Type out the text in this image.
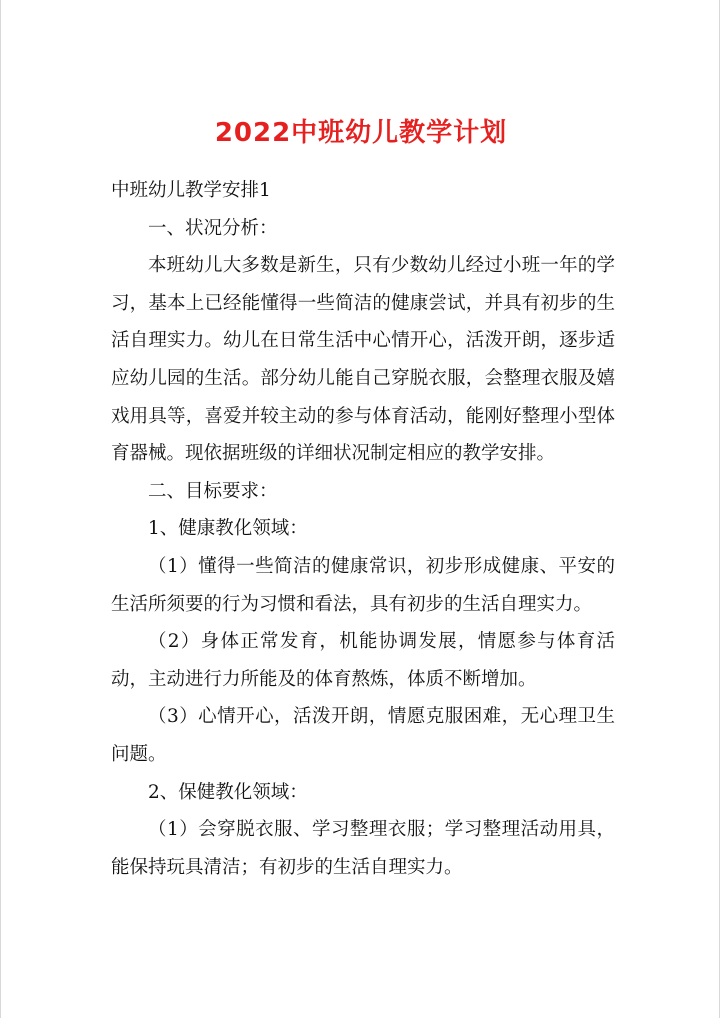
2022中班幼儿教学计划

中班幼儿教学安排1

一、状况分析：

本班幼儿大多数是新生，只有少数幼儿经过小班一年的学习，基本上已经能懂得一些简洁的健康尝试，并具有初步的生活自理实力。幼儿在日常生活中心情开心，活泼开朗，逐步适应幼儿园的生活。部分幼儿能自己穿脱衣服，会整理衣服及嬉戏用具等，喜爱并较主动的参与体育活动，能刚好整理小型体育器械。现依据班级的详细状况制定相应的教学安排。

二、目标要求：

1、健康教化领域：

（1）懂得一些简洁的健康常识，初步形成健康、平安的生活所须要的行为习惯和看法，具有初步的生活自理实力。

（2）身体正常发育，机能协调发展，情愿参与体育活动，主动进行力所能及的体育熬炼，体质不断增加。

（3）心情开心，活泼开朗，情愿克服困难，无心理卫生问题。

2、保健教化领域：

（1）会穿脱衣服、学习整理衣服；学习整理活动用具，能保持玩具清洁；有初步的生活自理实力。
